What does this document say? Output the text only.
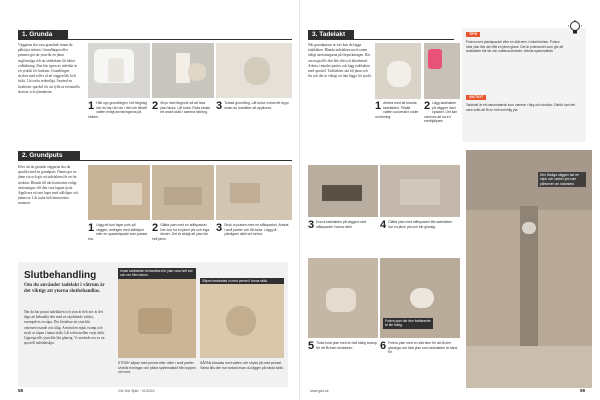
1. Grunda
Väggarna ska vara grundade innan du påbörjar arbetet. Grundfärgen eller primern gör att ytan får en jämn sugförmåga och att tadelakten får bättre vidhäftning. Den här typen av tadelakt är ett ytskikt för badrum. Grundfärgen strykes med roller så att väggen blir helt täckt. Låt torka ordentligt. Använd en kvalitativ spackel för att fylla ut eventuella skarvar och ojämnheter.
1 Häll upp grundfärgen i ett färgtråg när du har rört om i det och tillsätt vatten enligt anvisningarna på hinken.
2 Stryk med färgrulle så att hela ytan täcks. Låt torka. Rolla sedan ett andra skikt i samma riktning.
3 Torkad grundfärg. Låt torka i minst ett dygn innan du fortsätter att applicera.
2. Grundputs
Efter att du grundat väggarna ska du spackla med en grundputs. Denna ger en jämn yta och gör att tadelakten får en fin struktur. Blanda till rätt konsistens enligt anvisningar, vill den vara lagom tjock. Applicera ett tunt lager med stålsliper och jämna ut. Låt torka helt innan nästa moment.
1 Lägg ett tunt lager puts på väggen, antingen med stålsliper eller en spackelspade som passar bra.
2 Glätta ytan med en stålspackel. Den bör ha en jämn yta och inga ränder. Det är viktigt att ytan blir helt jämn.
3 Stryk ut putsen med en stålspackel. Arbeta i små partier och låt torka. Lägg på ytterligare skikt vid behov.
Slutbehandling
Om du använder tadelakt i våtrum är det viktigt att ytorna slutbehandlas.
När du har putsat tadelakten och ytan är helt torr är det dags att behandla den med en skyddande vätska, exempelvis en såpa. Det försäkrar att ytan blir vattenavvisande och tålig. Använd en mjuk svamp och stryk ut såpan i tunna skikt. Låt torka mellan varje skikt. Upprepa tills ytan blir lätt glansig. Vi använde oss av en speciell tadelaktsåpa.
Innan tadelakten behandlas bör ytan vara helt torr och ren från damm.
Såpan bearbetas in med pensel i tunna skikt.
STRÖK såpan med pensel eller roller i små partier. Undvik rinningar och jobba systematiskt från toppen och ned.
SÅPAN blandas med vatten och stryks på med pensel. Vänta tills den har torkat innan du lägger på nästa skikt.
58	Gör Det Själv · 01/2024
3. Tadelakt
När grundputsen är torr kan du lägga tadelakten. Blanda tadelakten med vatten enligt anvisningarna på förpackningen. Rör om noga tills den blir slät och lättarbetad. Arbeta i mindre partier och lägg tadelakten med spackel. Tadelakten ska bli jämn och fin och det är viktigt att inte lägga för tjockt.
1 Arbeta med att blanda tadelakten. Tillsätt vatten successivt under omrörning.
2 Lägg tadelakten på väggen med spackel. Det kan vara bra att ha en medhjälpare.
3 Dra ut tadelakten på väggen med stålspackel i tunna skikt.	4 Glätta ytan med stålspackel tills tadelakten har en jämn yta och blir glansig.
Polera ytan när den fortfarande är lite fuktig.
5 Torka hela ytan med en lätt fuktig svamp för att få fram strukturen.	6 Polera ytan med en slät sten för att få den glansiga och täta ytan som tadelakten är känd för.
Den färdiga väggen har en mjuk och vacker yta som påminner om natursten.
TIPS
Polera med plastspackel eller en slät sten i cirkelrörelser. Polera hela ytan tills den fått en jämn glans. Det är polerandet som gör att tadelakten blir tät och vattenavvisande. Arbeta systematiskt.
VIKTIGT
Tadelakt är ett naturmaterial som varierar i färg och struktur. Därför kan det vara svårt att få en helt enhetlig yta.
www.gds.se	59
